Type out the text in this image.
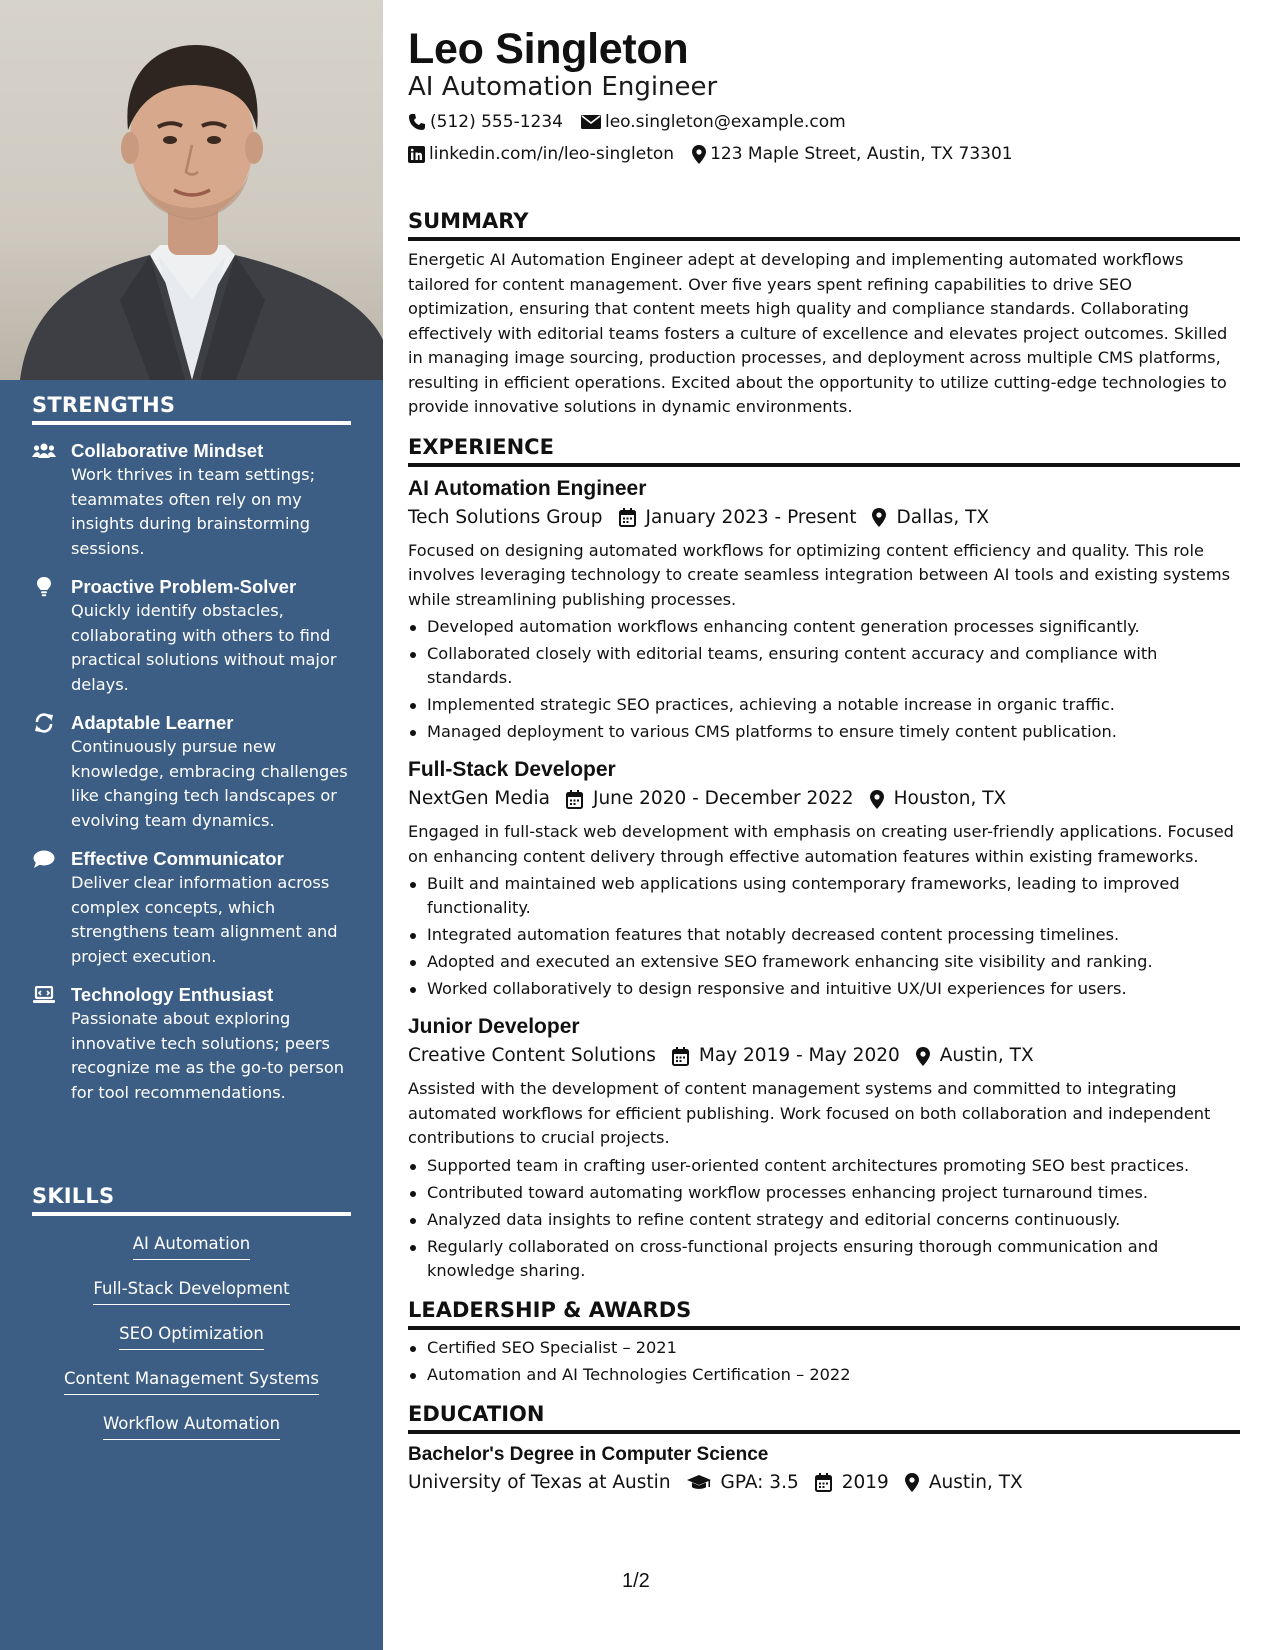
STRENGTHS
Collaborative Mindset
Work thrives in team settings; teammates often rely on my insights during brainstorming sessions.
Proactive Problem-Solver
Quickly identify obstacles, collaborating with others to find practical solutions without major delays.
Adaptable Learner
Continuously pursue new knowledge, embracing challenges like changing tech landscapes or evolving team dynamics.
Effective Communicator
Deliver clear information across complex concepts, which strengthens team alignment and project execution.
Technology Enthusiast
Passionate about exploring innovative tech solutions; peers recognize me as the go-to person for tool recommendations.
SKILLS
AI Automation
Full-Stack Development
SEO Optimization
Content Management Systems
Workflow Automation
Leo Singleton
AI Automation Engineer
(512) 555-1234 leo.singleton@example.com
linkedin.com/in/leo-singleton 123 Maple Street, Austin, TX 73301
SUMMARY
Energetic AI Automation Engineer adept at developing and implementing automated workflows tailored for content management. Over five years spent refining capabilities to drive SEO optimization, ensuring that content meets high quality and compliance standards. Collaborating effectively with editorial teams fosters a culture of excellence and elevates project outcomes. Skilled in managing image sourcing, production processes, and deployment across multiple CMS platforms, resulting in efficient operations. Excited about the opportunity to utilize cutting-edge technologies to provide innovative solutions in dynamic environments.
EXPERIENCE
AI Automation Engineer
Tech Solutions Group January 2023 - Present Dallas, TX
Focused on designing automated workflows for optimizing content efficiency and quality. This role involves leveraging technology to create seamless integration between AI tools and existing systems while streamlining publishing processes.
Developed automation workflows enhancing content generation processes significantly.
Collaborated closely with editorial teams, ensuring content accuracy and compliance with standards.
Implemented strategic SEO practices, achieving a notable increase in organic traffic.
Managed deployment to various CMS platforms to ensure timely content publication.
Full-Stack Developer
NextGen Media June 2020 - December 2022 Houston, TX
Engaged in full-stack web development with emphasis on creating user-friendly applications. Focused on enhancing content delivery through effective automation features within existing frameworks.
Built and maintained web applications using contemporary frameworks, leading to improved functionality.
Integrated automation features that notably decreased content processing timelines.
Adopted and executed an extensive SEO framework enhancing site visibility and ranking.
Worked collaboratively to design responsive and intuitive UX/UI experiences for users.
Junior Developer
Creative Content Solutions May 2019 - May 2020 Austin, TX
Assisted with the development of content management systems and committed to integrating automated workflows for efficient publishing. Work focused on both collaboration and independent contributions to crucial projects.
Supported team in crafting user-oriented content architectures promoting SEO best practices.
Contributed toward automating workflow processes enhancing project turnaround times.
Analyzed data insights to refine content strategy and editorial concerns continuously.
Regularly collaborated on cross-functional projects ensuring thorough communication and knowledge sharing.
LEADERSHIP & AWARDS
Certified SEO Specialist – 2021
Automation and AI Technologies Certification – 2022
EDUCATION
Bachelor's Degree in Computer Science
University of Texas at Austin	GPA: 3.5 2019 Austin, TX
1/2
